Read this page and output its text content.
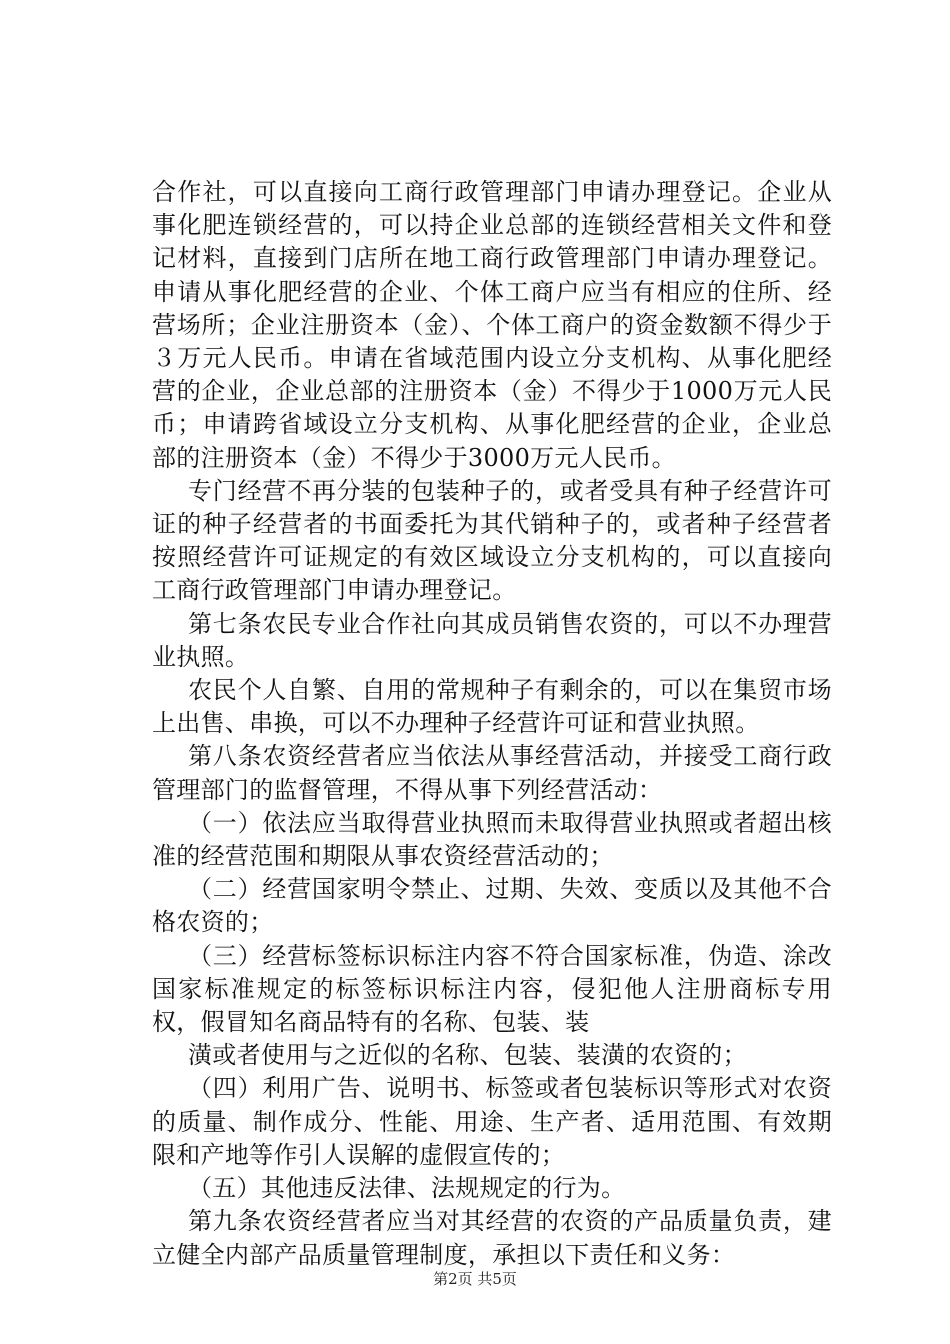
合作社，可以直接向工商行政管理部门申请办理登记。企业从事化肥连锁经营的，可以持企业总部的连锁经营相关文件和登记材料，直接到门店所在地工商行政管理部门申请办理登记。申请从事化肥经营的企业、个体工商户应当有相应的住所、经营场所；企业注册资本（金）、个体工商户的资金数额不得少于３万元人民币。申请在省域范围内设立分支机构、从事化肥经营的企业，企业总部的注册资本（金）不得少于1000万元人民币；申请跨省域设立分支机构、从事化肥经营的企业，企业总部的注册资本（金）不得少于3000万元人民币。

专门经营不再分装的包装种子的，或者受具有种子经营许可证的种子经营者的书面委托为其代销种子的，或者种子经营者按照经营许可证规定的有效区域设立分支机构的，可以直接向工商行政管理部门申请办理登记。

第七条农民专业合作社向其成员销售农资的，可以不办理营业执照。

农民个人自繁、自用的常规种子有剩余的，可以在集贸市场上出售、串换，可以不办理种子经营许可证和营业执照。

第八条农资经营者应当依法从事经营活动，并接受工商行政管理部门的监督管理，不得从事下列经营活动：

（一）依法应当取得营业执照而未取得营业执照或者超出核准的经营范围和期限从事农资经营活动的；

（二）经营国家明令禁止、过期、失效、变质以及其他不合格农资的；

（三）经营标签标识标注内容不符合国家标准，伪造、涂改国家标准规定的标签标识标注内容，侵犯他人注册商标专用权，假冒知名商品特有的名称、包装、装

潢或者使用与之近似的名称、包装、装潢的农资的；

（四）利用广告、说明书、标签或者包装标识等形式对农资的质量、制作成分、性能、用途、生产者、适用范围、有效期限和产地等作引人误解的虚假宣传的；

（五）其他违反法律、法规规定的行为。

第九条农资经营者应当对其经营的农资的产品质量负责，建立健全内部产品质量管理制度，承担以下责任和义务：

第2页 共5页
